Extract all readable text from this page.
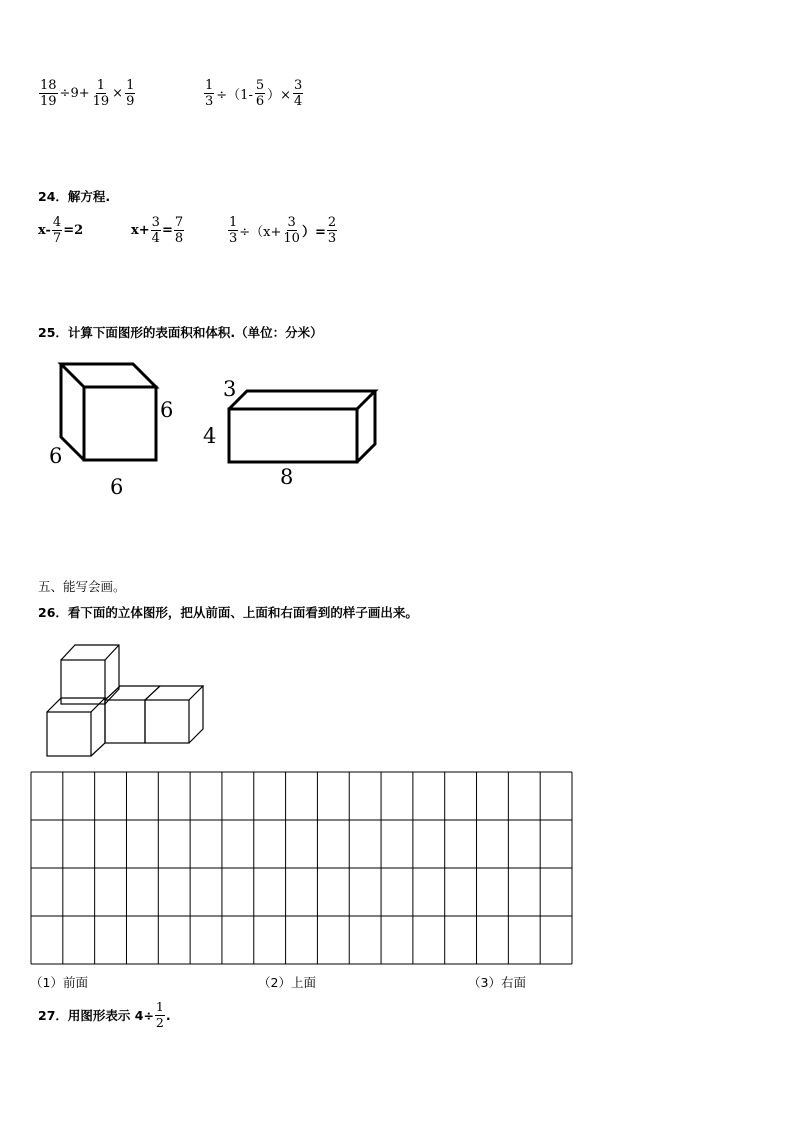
$\frac{18}{19} \div 9+ \frac{1}{19} \times \frac{1}{9}$	$\frac{1}{3} \div(1- \frac{5}{6}$ ）× $\frac{3}{4}$
24．解方程.
$x- \frac{4}{7} =2$	$x+ \frac{3}{4} = \frac{7}{8}$	$\frac{1}{3} \div(x+ \frac{3}{10}$ ）= $\frac{2}{3}$
25．计算下面图形的表面积和体积.（单位：分米）
6
6
6
3
4
8
五、能写会画。
26．看下面的立体图形，把从前面、上面和右面看到的样子画出来。
（1）前面	（2）上面	（3）右面
27．用图形表示 $4\div \frac{1}{2}$ .
